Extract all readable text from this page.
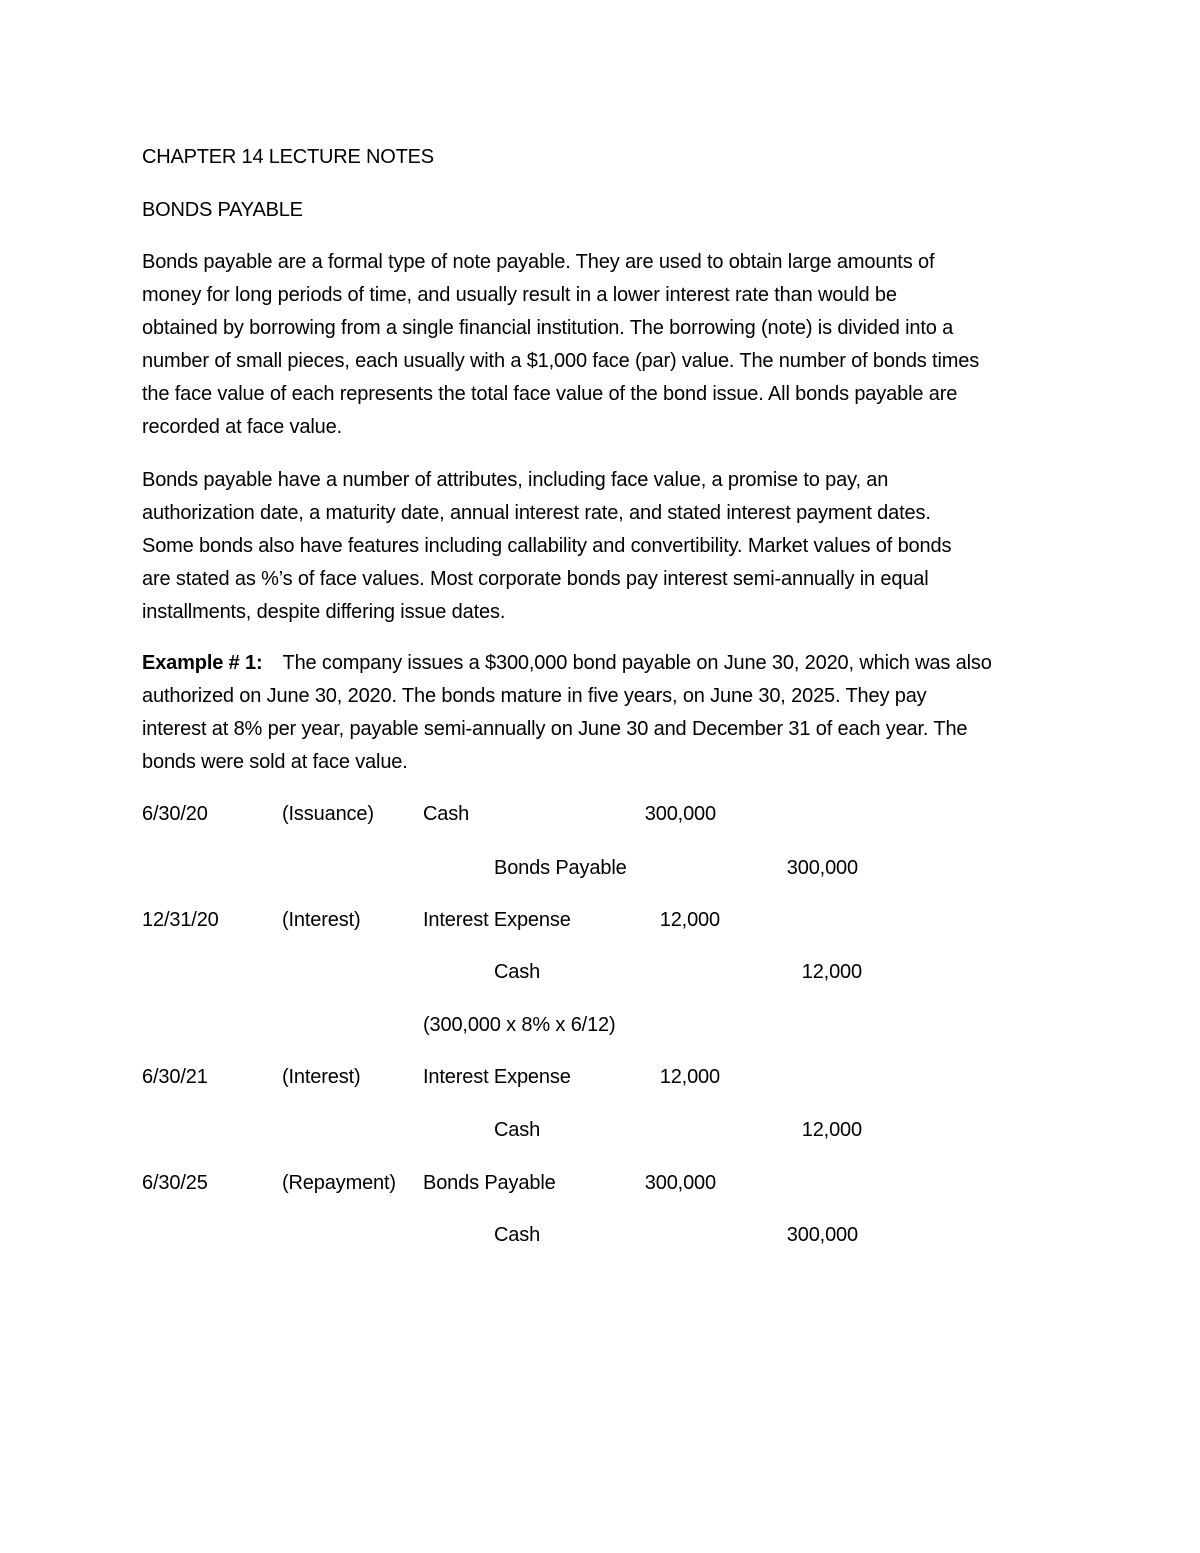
CHAPTER 14 LECTURE NOTES
BONDS PAYABLE
Bonds payable are a formal type of note payable. They are used to obtain large amounts of
money for long periods of time, and usually result in a lower interest rate than would be
obtained by borrowing from a single financial institution. The borrowing (note) is divided into a
number of small pieces, each usually with a $1,000 face (par) value. The number of bonds times
the face value of each represents the total face value of the bond issue. All bonds payable are
recorded at face value.
Bonds payable have a number of attributes, including face value, a promise to pay, an
authorization date, a maturity date, annual interest rate, and stated interest payment dates.
Some bonds also have features including callability and convertibility. Market values of bonds
are stated as %’s of face values. Most corporate bonds pay interest semi-annually in equal
installments, despite differing issue dates.
Example # 1: The company issues a $300,000 bond payable on June 30, 2020, which was also
authorized on June 30, 2020. The bonds mature in five years, on June 30, 2025. They pay
interest at 8% per year, payable semi-annually on June 30 and December 31 of each year. The
bonds were sold at face value.
6/30/20	(Issuance) Cash	300,000
Bonds Payable	300,000
12/31/20	(Interest)	Interest Expense	12,000
Cash	12,000
(300,000 x 8% x 6/12)
6/30/21	(Interest)	Interest Expense	12,000
Cash	12,000
6/30/25	(Repayment) Bonds Payable	300,000
Cash	300,000
